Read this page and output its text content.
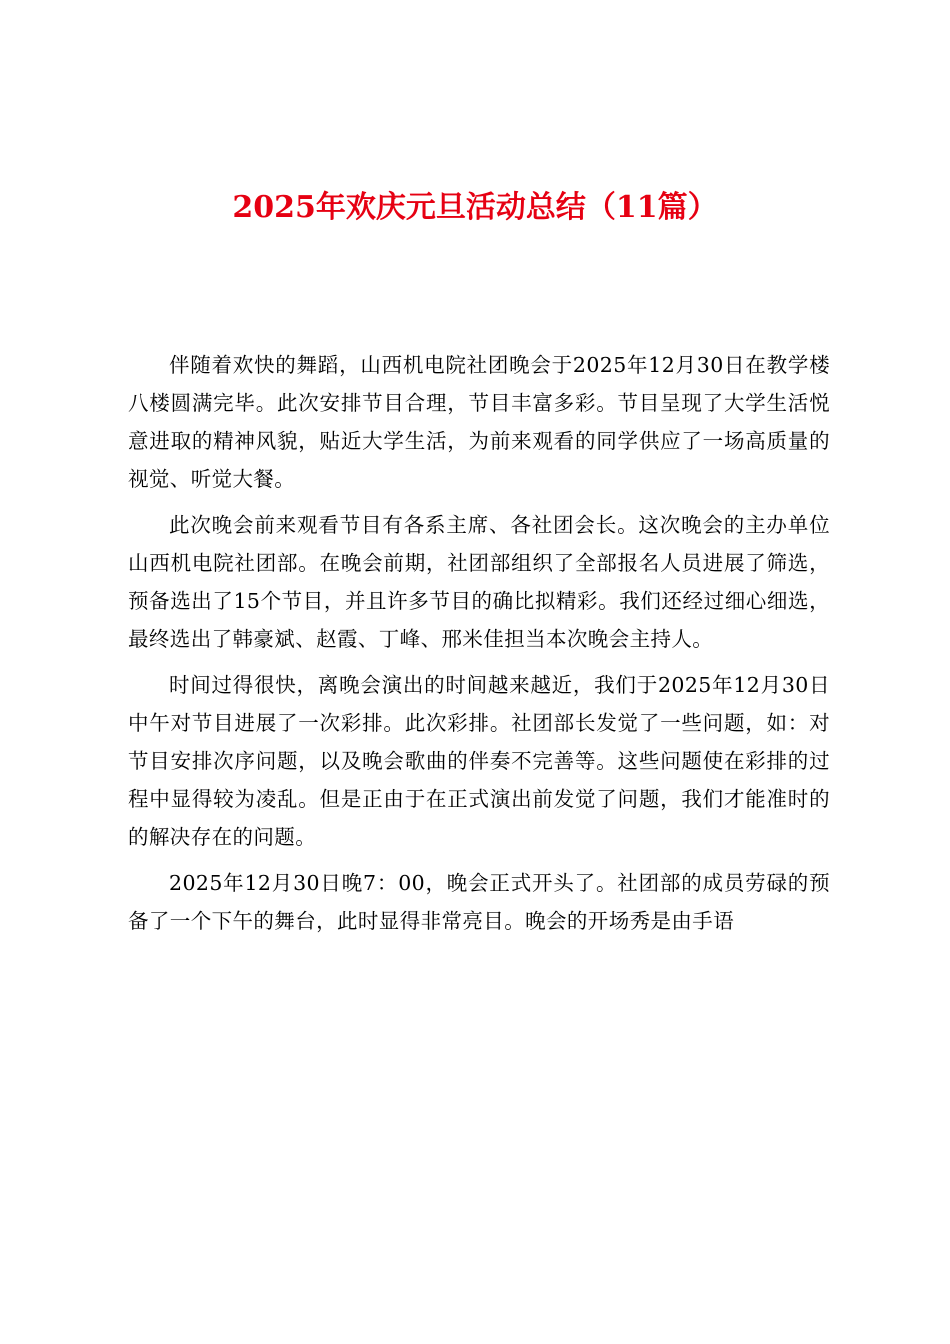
2025年欢庆元旦活动总结（11篇）

伴随着欢快的舞蹈，山西机电院社团晚会于2025年12月30日在教学楼八楼圆满完毕。此次安排节目合理，节目丰富多彩。节目呈现了大学生活悦意进取的精神风貌，贴近大学生活，为前来观看的同学供应了一场高质量的视觉、听觉大餐。

此次晚会前来观看节目有各系主席、各社团会长。这次晚会的主办单位山西机电院社团部。在晚会前期，社团部组织了全部报名人员进展了筛选，预备选出了15个节目，并且许多节目的确比拟精彩。我们还经过细心细选，最终选出了韩豪斌、赵霞、丁峰、邢米佳担当本次晚会主持人。

时间过得很快，离晚会演出的时间越来越近，我们于2025年12月30日中午对节目进展了一次彩排。此次彩排。社团部长发觉了一些问题，如：对节目安排次序问题，以及晚会歌曲的伴奏不完善等。这些问题使在彩排的过程中显得较为凌乱。但是正由于在正式演出前发觉了问题，我们才能准时的的解决存在的问题。

2025年12月30日晚7：00，晚会正式开头了。社团部的成员劳碌的预备了一个下午的舞台，此时显得非常亮目。晚会的开场秀是由手语
